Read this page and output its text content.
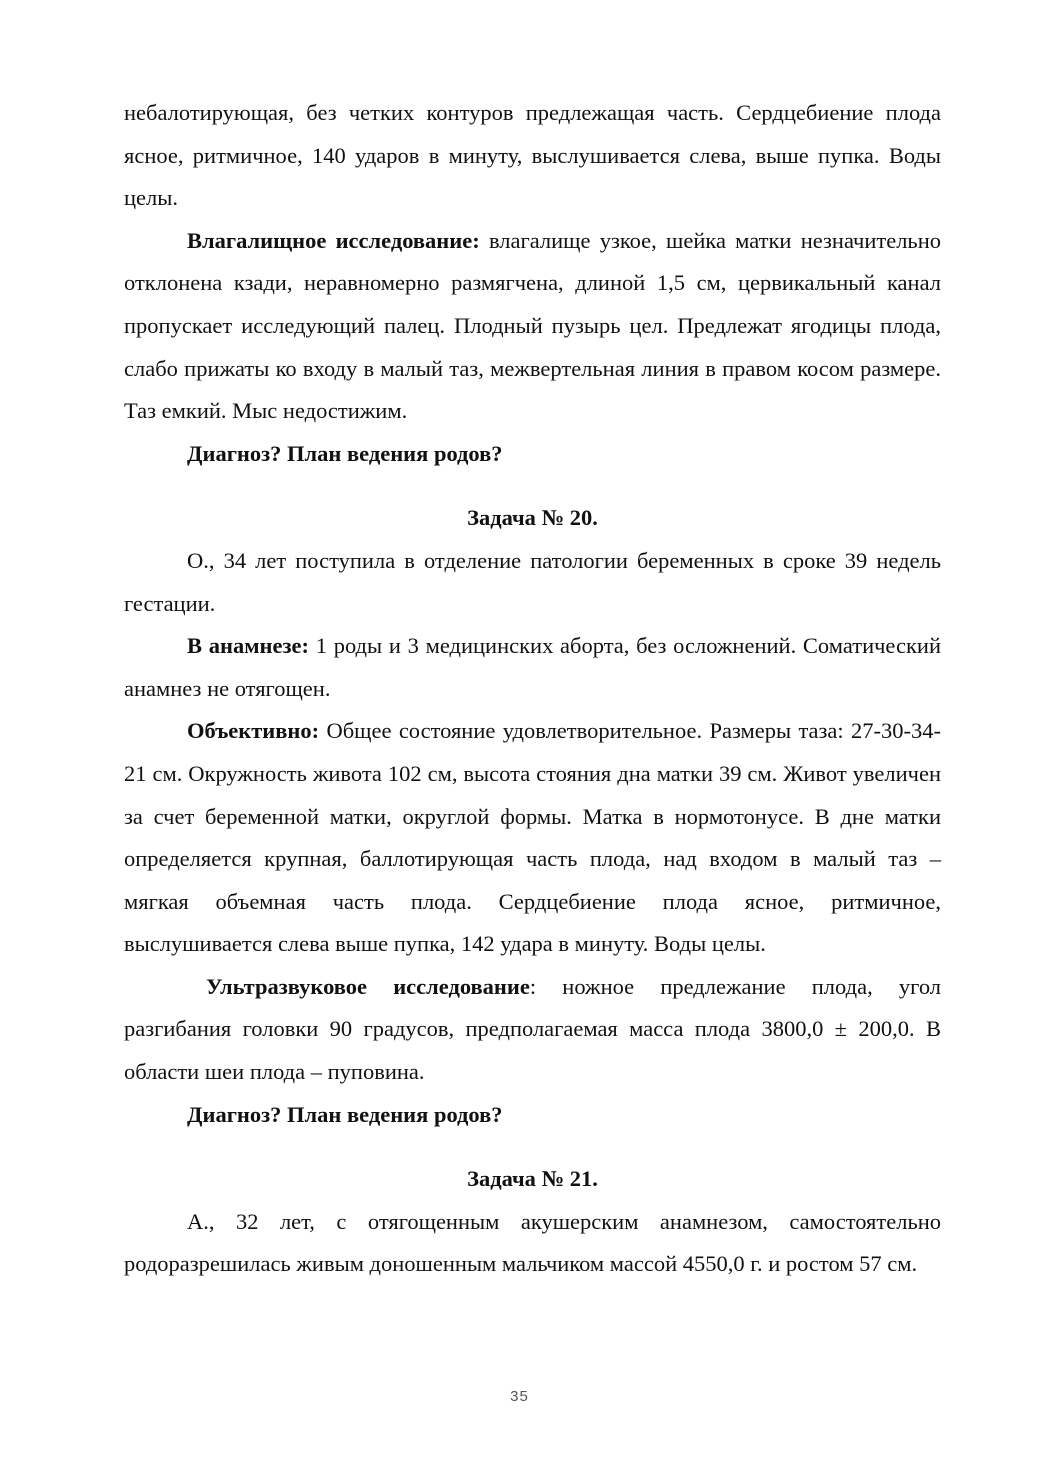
небалотирующая, без четких контуров предлежащая часть. Сердцебиение плода ясное, ритмичное, 140 ударов в минуту, выслушивается слева, выше пупка. Воды целы.

Влагалищное исследование: влагалище узкое, шейка матки незначительно отклонена кзади, неравномерно размягчена, длиной 1,5 см, цервикальный канал пропускает исследующий палец. Плодный пузырь цел. Предлежат ягодицы плода, слабо прижаты ко входу в малый таз, межвертельная линия в правом косом размере. Таз емкий. Мыс недостижим.

Диагноз? План ведения родов?

Задача № 20.

О., 34 лет поступила в отделение патологии беременных в сроке 39 недель гестации.

В анамнезе: 1 роды и 3 медицинских аборта, без осложнений. Соматический анамнез не отягощен.

Объективно: Общее состояние удовлетворительное. Размеры таза: 27-30-34-21 см. Окружность живота 102 см, высота стояния дна матки 39 см. Живот увеличен за счет беременной матки, округлой формы. Матка в нормотонусе. В дне матки определяется крупная, баллотирующая часть плода, над входом в малый таз – мягкая объемная часть плода. Сердцебиение плода ясное, ритмичное, выслушивается слева выше пупка, 142 удара в минуту. Воды целы.

Ультразвуковое исследование: ножное предлежание плода, угол разгибания головки 90 градусов, предполагаемая масса плода 3800,0 ± 200,0. В области шеи плода – пуповина.

Диагноз? План ведения родов?

Задача № 21.

А., 32 лет, с отягощенным акушерским анамнезом, самостоятельно родоразрешилась живым доношенным мальчиком массой 4550,0 г. и ростом 57 см.

35
